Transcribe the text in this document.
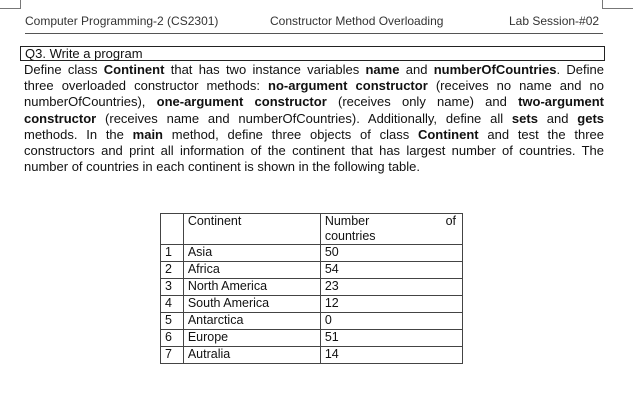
Computer Programming-2 (CS2301)	Constructor Method Overloading	Lab Session-#02
Q3. Write a program
Define class Continent that has two instance variables name and numberOfCountries. Define three overloaded constructor methods: no-argument constructor (receives no name and no numberOfCountries), one-argument constructor (receives only name) and two-argument constructor (receives name and numberOfCountries). Additionally, define all sets and gets methods. In the main method, define three objects of class Continent and test the three constructors and print all information of the continent that has largest number of countries. The number of countries in each continent is shown in the following table.
	Continent	Number of
countries

1	Asia	50
2	Africa	54
3	North America	23
4	South America	12
5	Antarctica	0
6	Europe	51
7	Autralia	14
